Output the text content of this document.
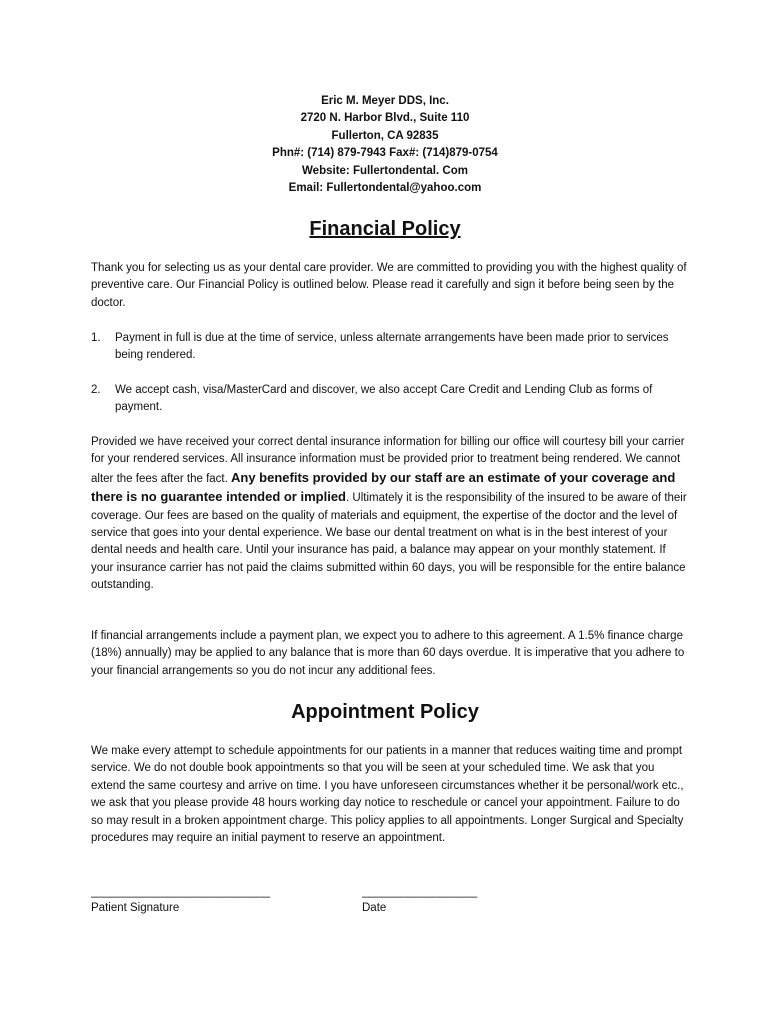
Eric M. Meyer DDS, Inc.
2720 N. Harbor Blvd., Suite 110
Fullerton, CA 92835
Phn#: (714) 879-7943 Fax#: (714)879-0754
Website: Fullertondental. Com
Email: Fullertondental@yahoo.com
Financial Policy
Thank you for selecting us as your dental care provider. We are committed to providing you with the highest quality of preventive care. Our Financial Policy is outlined below. Please read it carefully and sign it before being seen by the doctor.
1.	Payment in full is due at the time of service, unless alternate arrangements have been made prior to services being rendered.
2.	We accept cash, visa/MasterCard and discover, we also accept Care Credit and Lending Club as forms of payment.
Provided we have received your correct dental insurance information for billing our office will courtesy bill your carrier for your rendered services. All insurance information must be provided prior to treatment being rendered. We cannot alter the fees after the fact. Any benefits provided by our staff are an estimate of your coverage and there is no guarantee intended or implied. Ultimately it is the responsibility of the insured to be aware of their coverage. Our fees are based on the quality of materials and equipment, the expertise of the doctor and the level of service that goes into your dental experience. We base our dental treatment on what is in the best interest of your dental needs and health care. Until your insurance has paid, a balance may appear on your monthly statement. If your insurance carrier has not paid the claims submitted within 60 days, you will be responsible for the entire balance outstanding.
If financial arrangements include a payment plan, we expect you to adhere to this agreement. A 1.5% finance charge (18%) annually) may be applied to any balance that is more than 60 days overdue. It is imperative that you adhere to your financial arrangements so you do not incur any additional fees.
Appointment Policy
We make every attempt to schedule appointments for our patients in a manner that reduces waiting time and prompt service. We do not double book appointments so that you will be seen at your scheduled time. We ask that you extend the same courtesy and arrive on time. I you have unforeseen circumstances whether it be personal/work etc., we ask that you please provide 48 hours working day notice to reschedule or cancel your appointment. Failure to do so may result in a broken appointment charge. This policy applies to all appointments. Longer Surgical and Specialty procedures may require an initial payment to reserve an appointment.
____________________________
Patient Signature
__________________
Date
